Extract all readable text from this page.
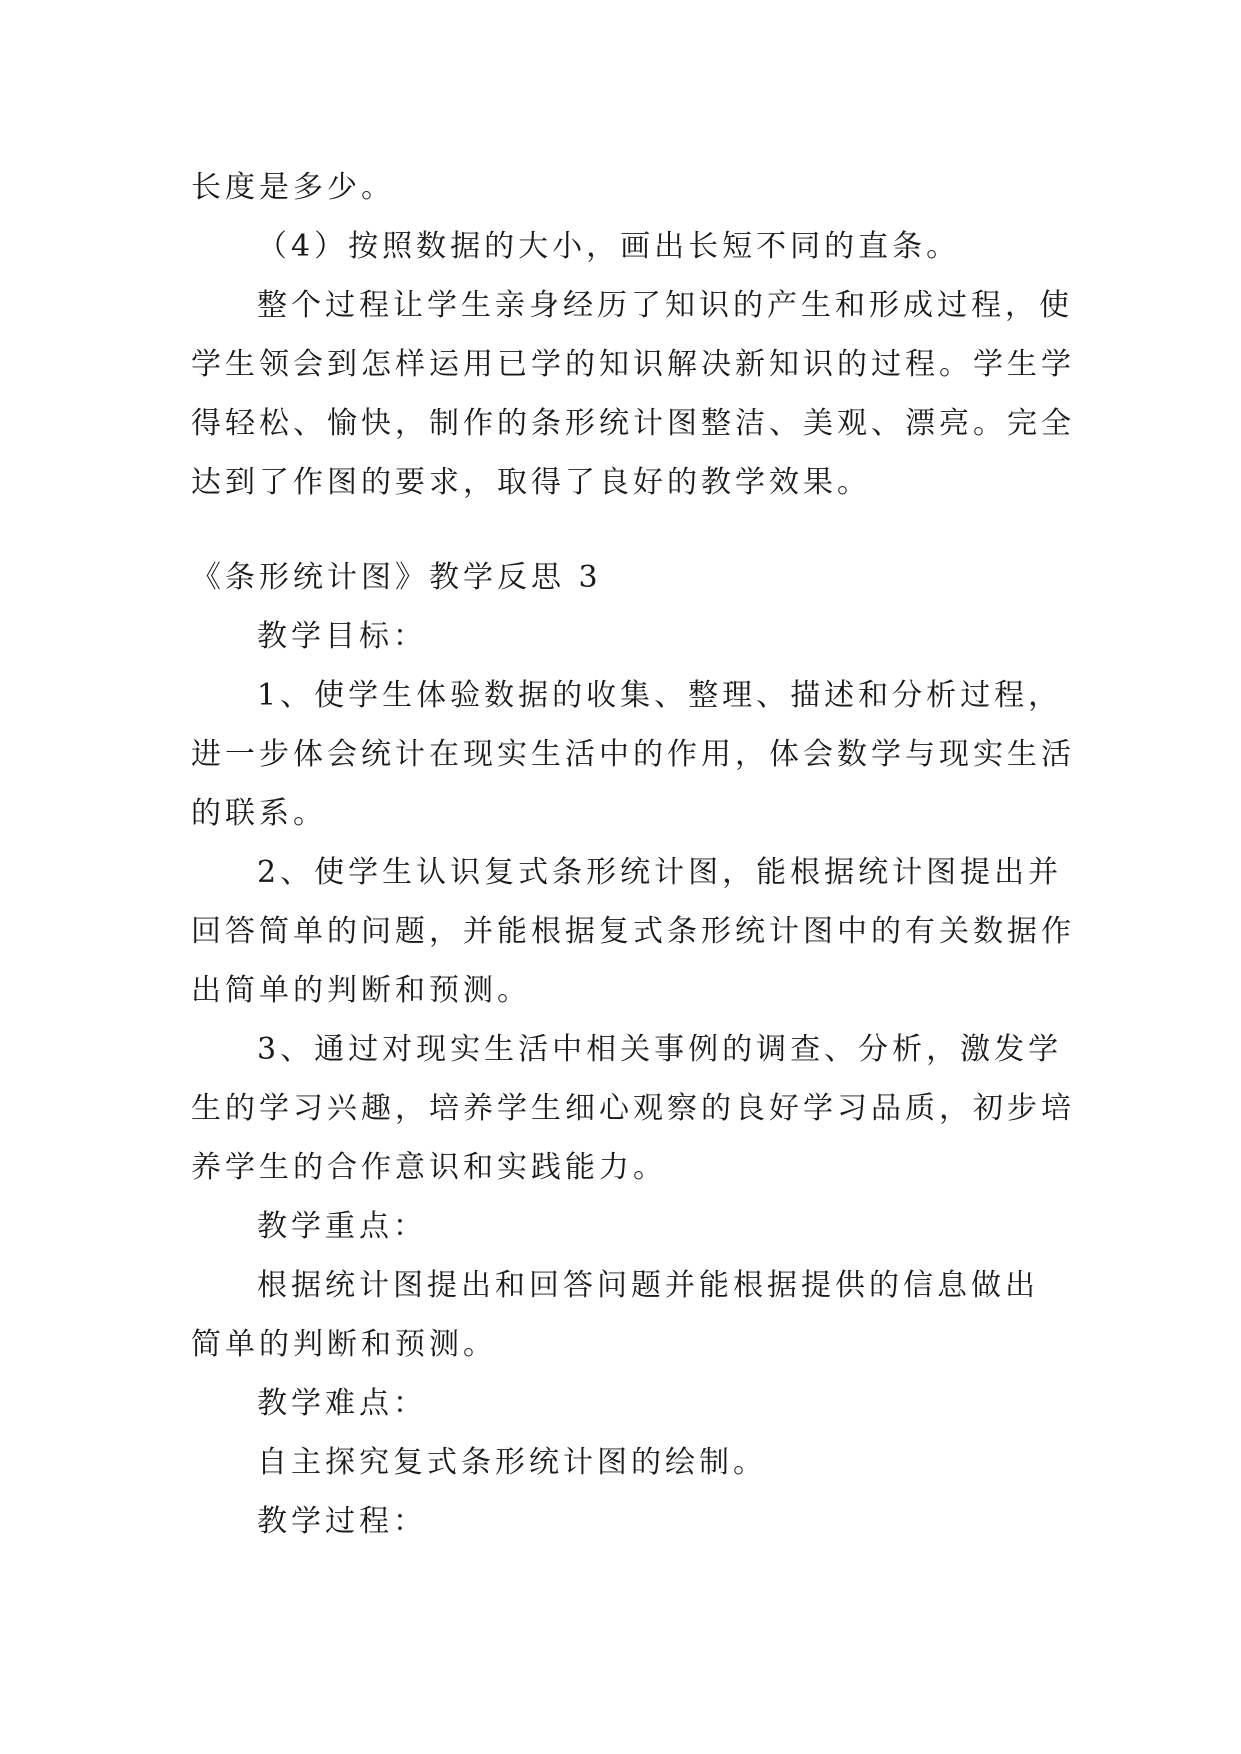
长度是多少。
（4）按照数据的大小，画出长短不同的直条。
整个过程让学生亲身经历了知识的产生和形成过程，使
学生领会到怎样运用已学的知识解决新知识的过程。学生学
得轻松、愉快，制作的条形统计图整洁、美观、漂亮。完全
达到了作图的要求，取得了良好的教学效果。
《条形统计图》教学反思 3
教学目标：
1、使学生体验数据的收集、整理、描述和分析过程，
进一步体会统计在现实生活中的作用，体会数学与现实生活
的联系。
2、使学生认识复式条形统计图，能根据统计图提出并
回答简单的问题，并能根据复式条形统计图中的有关数据作
出简单的判断和预测。
3、通过对现实生活中相关事例的调查、分析，激发学
生的学习兴趣，培养学生细心观察的良好学习品质，初步培
养学生的合作意识和实践能力。
教学重点：
根据统计图提出和回答问题并能根据提供的信息做出
简单的判断和预测。
教学难点：
自主探究复式条形统计图的绘制。
教学过程：
